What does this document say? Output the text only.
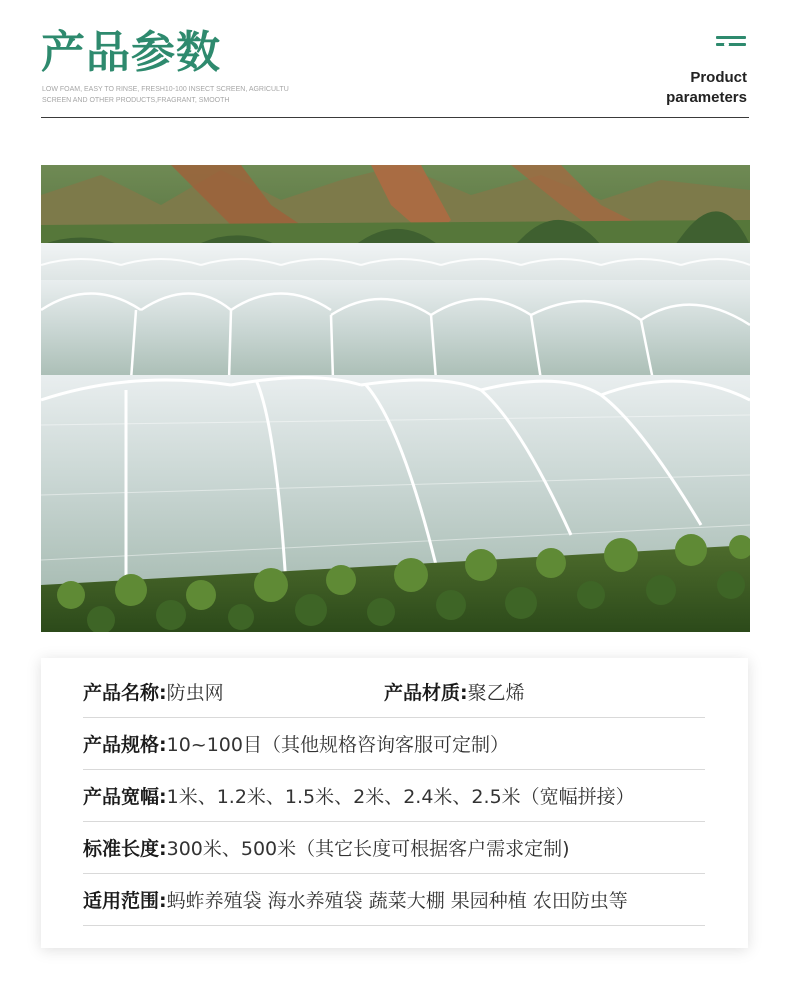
产品参数
LOW FOAM, EASY TO RINSE, FRESH10-100 INSECT SCREEN, AGRICULTU
SCREEN AND OTHER PRODUCTS,FRAGRANT, SMOOTH
Product
parameters
产品名称:防虫网	产品材质:聚乙烯
产品规格:10~100目（其他规格咨询客服可定制）
产品宽幅:1米、1.2米、1.5米、2米、2.4米、2.5米（宽幅拼接）
标准长度:300米、500米（其它长度可根据客户需求定制)
适用范围:蚂蚱养殖袋 海水养殖袋 蔬菜大棚 果园种植 农田防虫等
